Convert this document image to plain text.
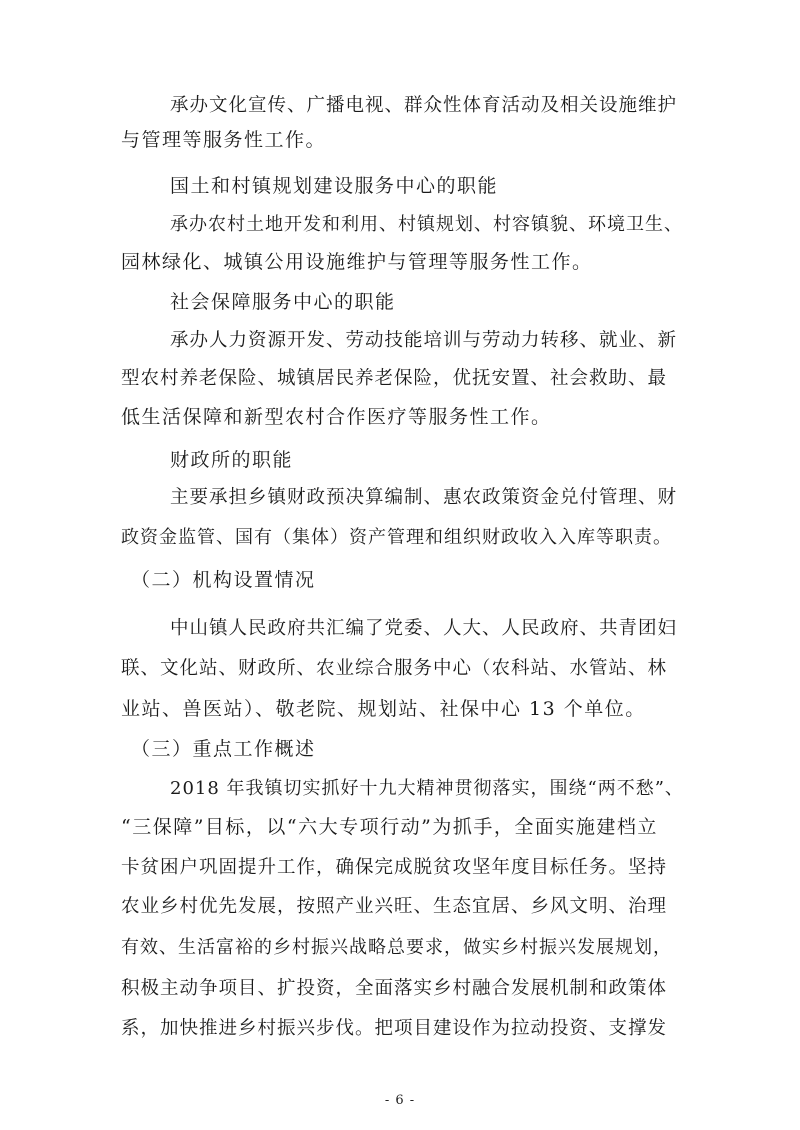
承办文化宣传、广播电视、群众性体育活动及相关设施维护
与管理等服务性工作。
国土和村镇规划建设服务中心的职能
承办农村土地开发和利用、村镇规划、村容镇貌、环境卫生、
园林绿化、城镇公用设施维护与管理等服务性工作。
社会保障服务中心的职能
承办人力资源开发、劳动技能培训与劳动力转移、就业、新
型农村养老保险、城镇居民养老保险，优抚安置、社会救助、最
低生活保障和新型农村合作医疗等服务性工作。
财政所的职能
主要承担乡镇财政预决算编制、惠农政策资金兑付管理、财
政资金监管、国有（集体）资产管理和组织财政收入入库等职责。
（二）机构设置情况
中山镇人民政府共汇编了党委、人大、人民政府、共青团妇
联、文化站、财政所、农业综合服务中心（农科站、水管站、林
业站、兽医站）、敬老院、规划站、社保中心 13 个单位。
（三）重点工作概述
2018 年我镇切实抓好十九大精神贯彻落实，围绕“两不愁”、
“三保障”目标，以“六大专项行动”为抓手，全面实施建档立
卡贫困户巩固提升工作，确保完成脱贫攻坚年度目标任务。坚持
农业乡村优先发展，按照产业兴旺、生态宜居、乡风文明、治理
有效、生活富裕的乡村振兴战略总要求，做实乡村振兴发展规划，
积极主动争项目、扩投资，全面落实乡村融合发展机制和政策体
系，加快推进乡村振兴步伐。把项目建设作为拉动投资、支撑发
- 6 -
